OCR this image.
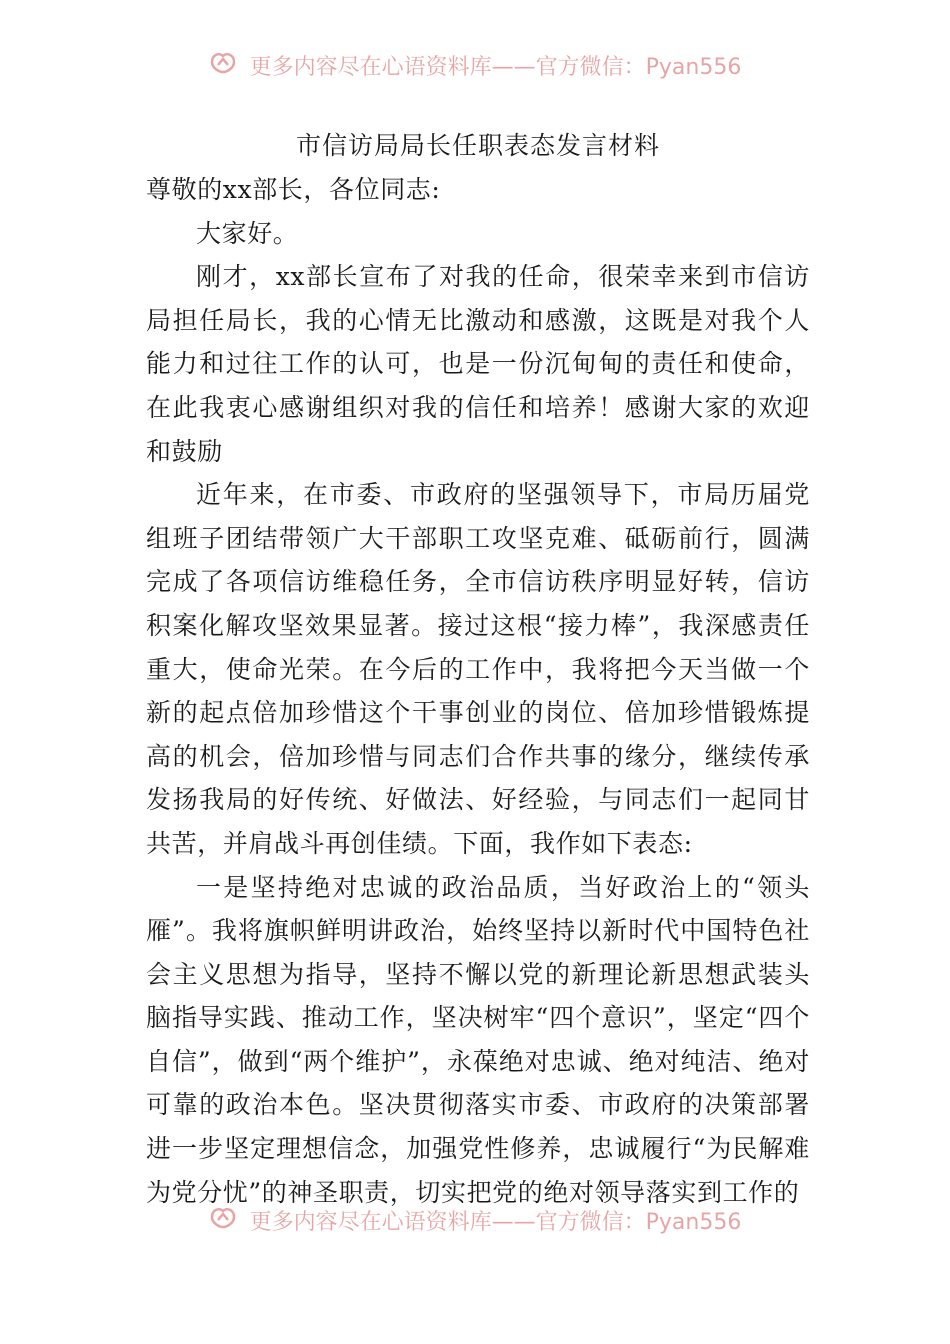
更多内容尽在心语资料库——官方微信：Pyan556
市信访局局长任职表态发言材料

尊敬的xx部长，各位同志:

大家好。

刚才，xx部长宣布了对我的任命，很荣幸来到市信访局担任局长，我的心情无比激动和感激，这既是对我个人能力和过往工作的认可，也是一份沉甸甸的责任和使命，在此我衷心感谢组织对我的信任和培养！感谢大家的欢迎和鼓励

近年来，在市委、市政府的坚强领导下，市局历届党组班子团结带领广大干部职工攻坚克难、砥砺前行，圆满完成了各项信访维稳任务，全市信访秩序明显好转，信访积案化解攻坚效果显著。接过这根“接力棒”，我深感责任重大，使命光荣。在今后的工作中，我将把今天当做一个新的起点倍加珍惜这个干事创业的岗位、倍加珍惜锻炼提高的机会，倍加珍惜与同志们合作共事的缘分，继续传承发扬我局的好传统、好做法、好经验，与同志们一起同甘共苦，并肩战斗再创佳绩。下面，我作如下表态:

一是坚持绝对忠诚的政治品质，当好政治上的“领头雁”。我将旗帜鲜明讲政治，始终坚持以新时代中国特色社会主义思想为指导，坚持不懈以党的新理论新思想武装头脑指导实践、推动工作，坚决树牢“四个意识”，坚定“四个自信”，做到“两个维护”，永葆绝对忠诚、绝对纯洁、绝对可靠的政治本色。坚决贯彻落实市委、市政府的决策部署进一步坚定理想信念，加强党性修养，忠诚履行“为民解难为党分忧”的神圣职责，切实把党的绝对领导落实到工作的

更多内容尽在心语资料库——官方微信：Pyan556
